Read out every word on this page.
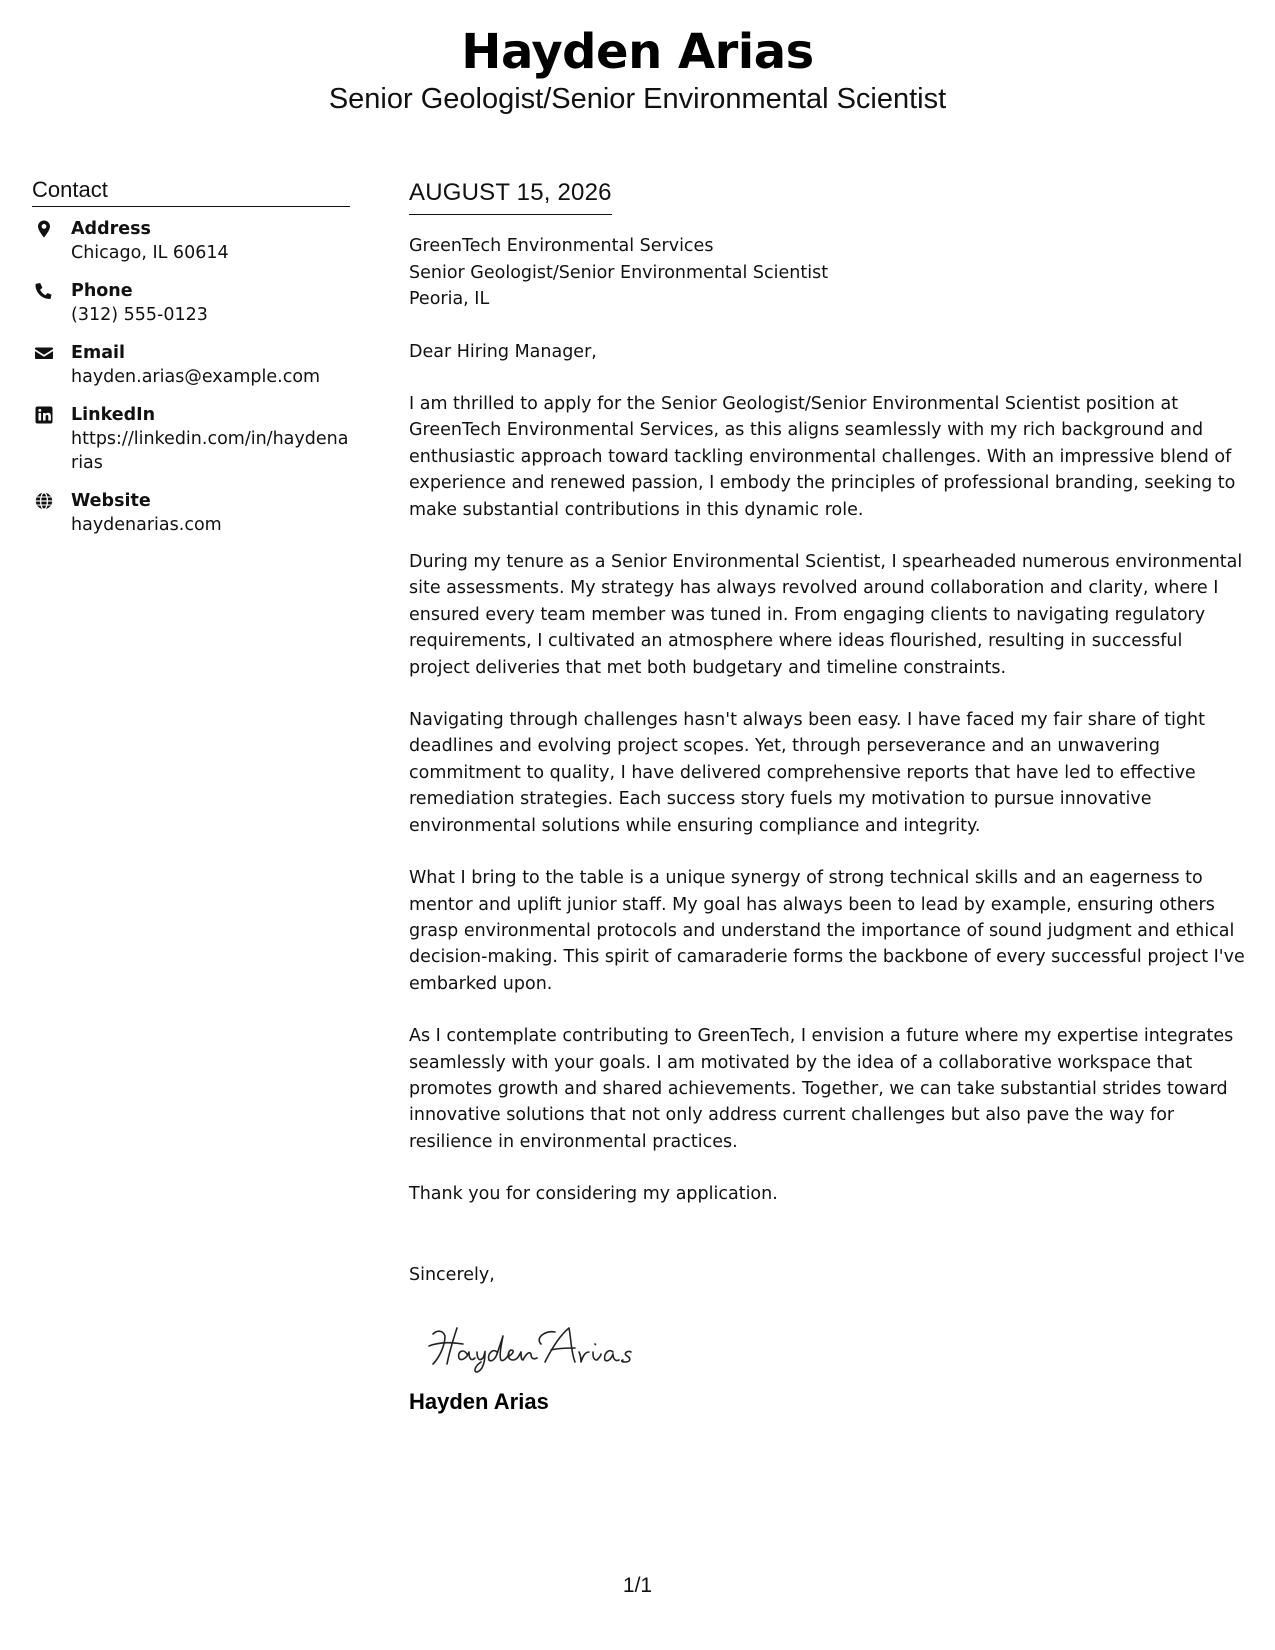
Hayden Arias
Senior Geologist/Senior Environmental Scientist
Contact
Address
Chicago, IL 60614
Phone
(312) 555-0123
Email
hayden.arias@example.com
LinkedIn
https://linkedin.com/in/haydenarias
Website
haydenarias.com
AUGUST 15, 2026
GreenTech Environmental Services
Senior Geologist/Senior Environmental Scientist
Peoria, IL
Dear Hiring Manager,
I am thrilled to apply for the Senior Geologist/Senior Environmental Scientist position at GreenTech Environmental Services, as this aligns seamlessly with my rich background and enthusiastic approach toward tackling environmental challenges. With an impressive blend of experience and renewed passion, I embody the principles of professional branding, seeking to make substantial contributions in this dynamic role.
During my tenure as a Senior Environmental Scientist, I spearheaded numerous environmental site assessments. My strategy has always revolved around collaboration and clarity, where I ensured every team member was tuned in. From engaging clients to navigating regulatory requirements, I cultivated an atmosphere where ideas flourished, resulting in successful project deliveries that met both budgetary and timeline constraints.
Navigating through challenges hasn't always been easy. I have faced my fair share of tight deadlines and evolving project scopes. Yet, through perseverance and an unwavering commitment to quality, I have delivered comprehensive reports that have led to effective remediation strategies. Each success story fuels my motivation to pursue innovative environmental solutions while ensuring compliance and integrity.
What I bring to the table is a unique synergy of strong technical skills and an eagerness to mentor and uplift junior staff. My goal has always been to lead by example, ensuring others grasp environmental protocols and understand the importance of sound judgment and ethical decision-making. This spirit of camaraderie forms the backbone of every successful project I've embarked upon.
As I contemplate contributing to GreenTech, I envision a future where my expertise integrates seamlessly with your goals. I am motivated by the idea of a collaborative workspace that promotes growth and shared achievements. Together, we can take substantial strides toward innovative solutions that not only address current challenges but also pave the way for resilience in environmental practices.
Thank you for considering my application.
Sincerely,
Hayden Arias
1/1
